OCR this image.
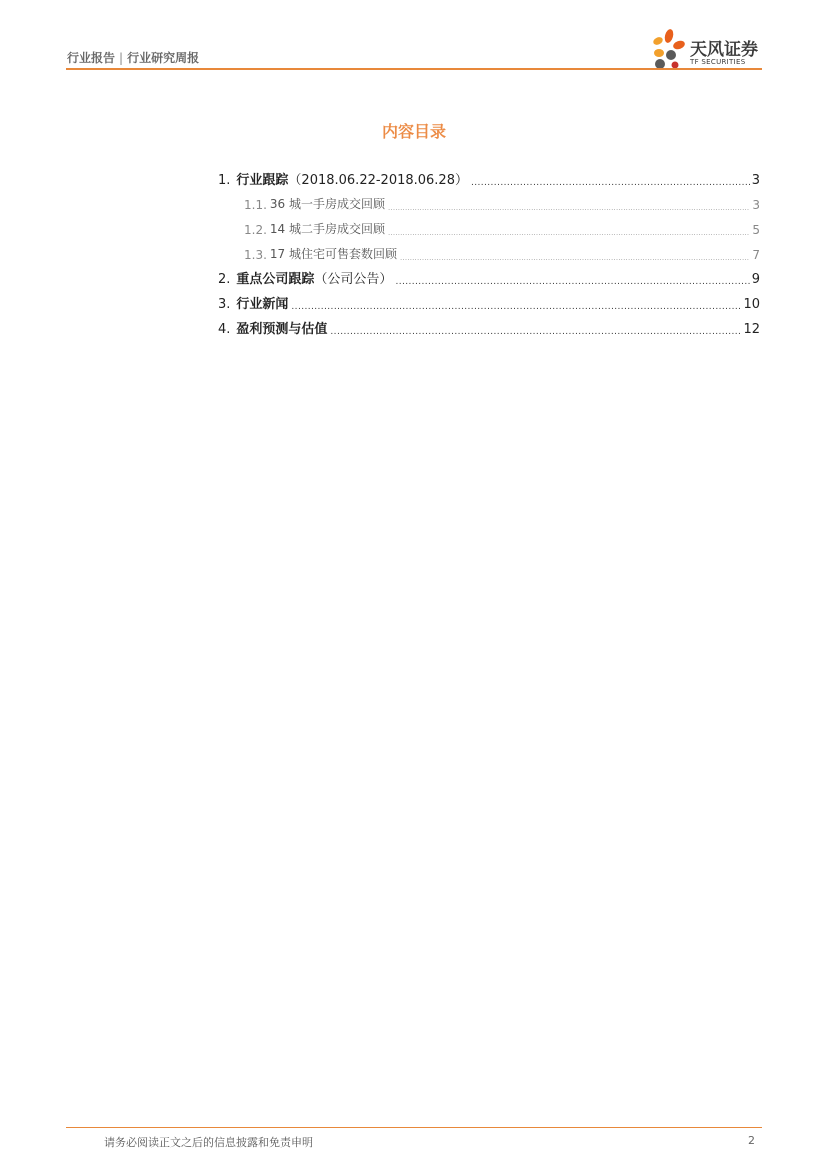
行业报告 | 行业研究周报	天风证券
TF SECURITIES
内容目录
1. 行业跟踪（2018.06.22-2018.06.28） .....	3
1.1. 36 城一手房成交回顾 .....	3
1.2. 14 城二手房成交回顾 .....	5
1.3. 17 城住宅可售套数回顾 .....	7
2. 重点公司跟踪（公司公告） .....	9
3. 行业新闻 .....	10
4. 盈利预测与估值 .....	12
请务必阅读正文之后的信息披露和免责申明	2
